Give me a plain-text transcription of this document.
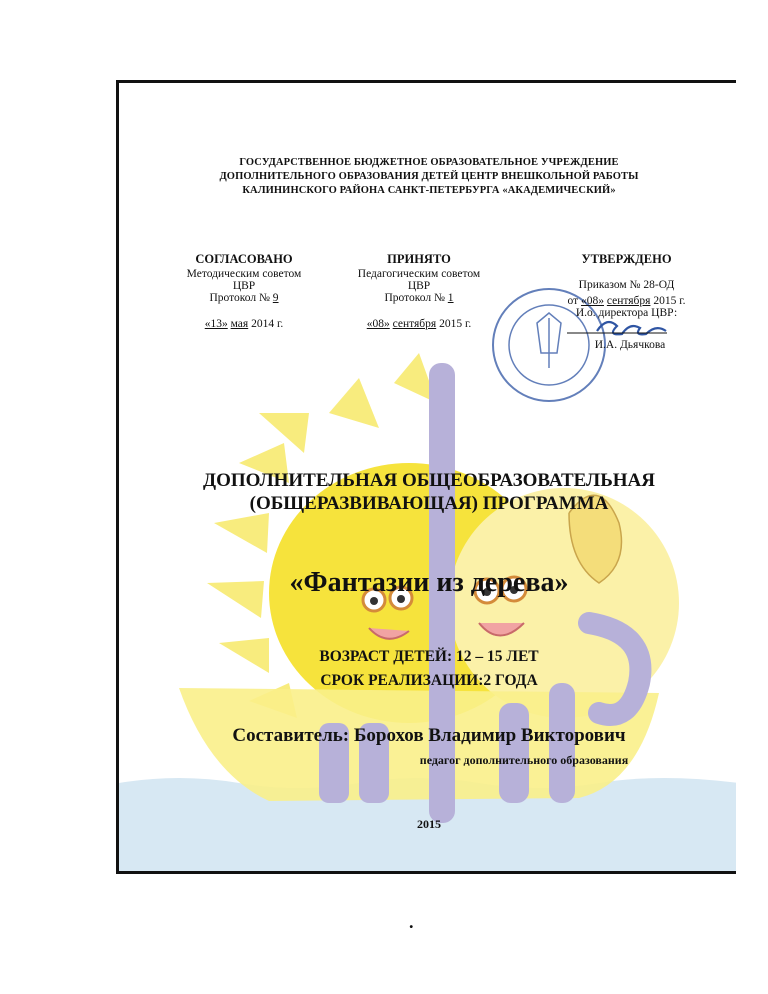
ГОСУДАРСТВЕННОЕ БЮДЖЕТНОЕ ОБРАЗОВАТЕЛЬНОЕ УЧРЕЖДЕНИЕ
ДОПОЛНИТЕЛЬНОГО ОБРАЗОВАНИЯ ДЕТЕЙ ЦЕНТР ВНЕШКОЛЬНОЙ РАБОТЫ
КАЛИНИНСКОГО РАЙОНА САНКТ-ПЕТЕРБУРГА «АКАДЕМИЧЕСКИЙ»
СОГЛАСОВАНО
Методическим советом
ЦВР
Протокол № 9
«13» мая 2014 г.
ПРИНЯТО
Педагогическим советом
ЦВР
Протокол № 1
«08» сентября 2015 г.
УТВЕРЖДЕНО
Приказом № 28-ОД
от «08» сентября 2015 г.
И.о. директора ЦВР:
И.А. Дьячкова
ДОПОЛНИТЕЛЬНАЯ ОБЩЕОБРАЗОВАТЕЛЬНАЯ
(ОБЩЕРАЗВИВАЮЩАЯ) ПРОГРАММА
«Фантазии из дерева»
ВОЗРАСТ ДЕТЕЙ: 12 – 15 ЛЕТ
СРОК РЕАЛИЗАЦИИ:2 ГОДА
Составитель: Борохов Владимир Викторович
педагог дополнительного образования
2015
.
